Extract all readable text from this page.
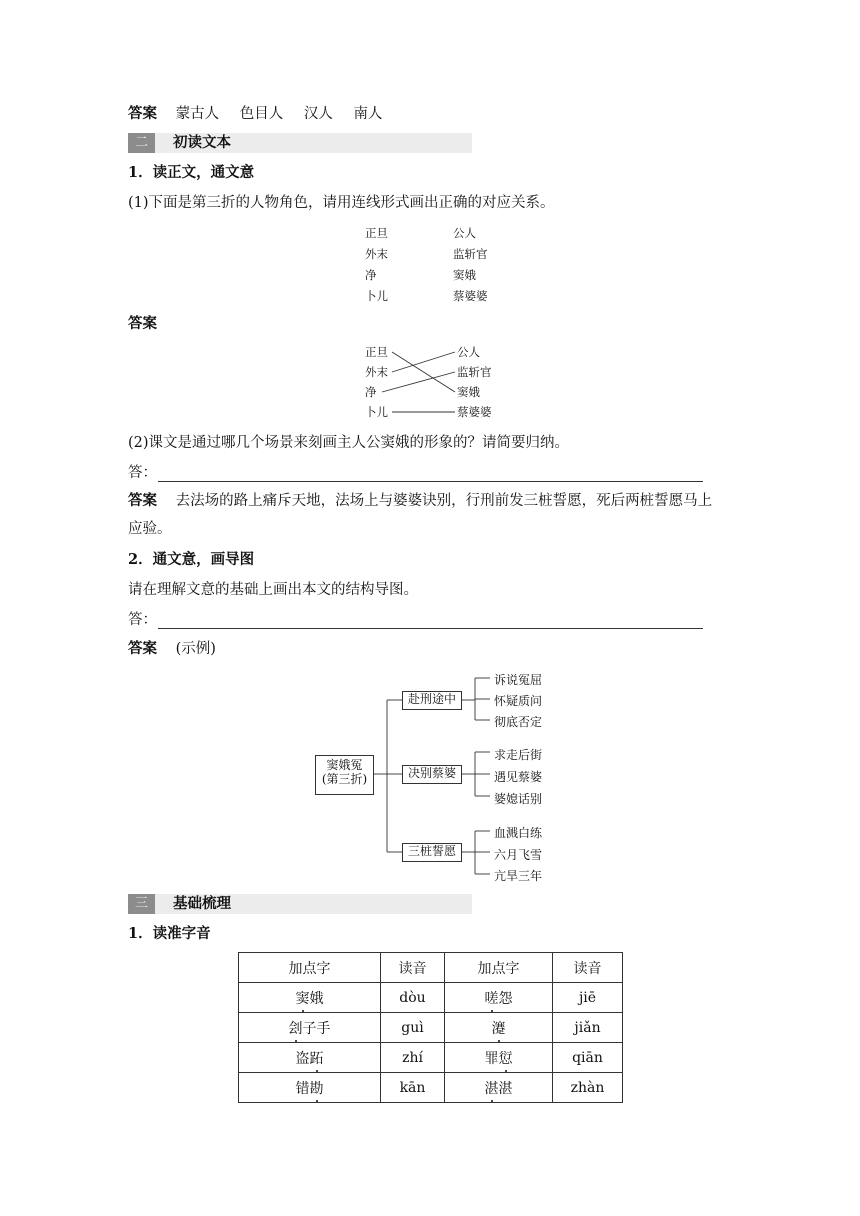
答案 蒙古人 色目人 汉人 南人
二	初读文本
1．读正文，通文意
(1)下面是第三折的人物角色，请用连线形式画出正确的对应关系。
正旦
外末
净
卜儿
公人
监斩官
窦娥
蔡婆婆
答案
正旦
外末
净
卜儿
公人
监斩官
窦娥
蔡婆婆
(2)课文是通过哪几个场景来刻画主人公窦娥的形象的？请简要归纳。
答：
答案 去法场的路上痛斥天地，法场上与婆婆诀别，行刑前发三桩誓愿，死后两桩誓愿马上
应验。
2．通文意，画导图
请在理解文意的基础上画出本文的结构导图。
答：
答案 (示例)
窦娥冤
(第三折)
赴刑途中
决别蔡婆
三桩誓愿
诉说冤屈
怀疑质问
彻底否定
求走后街
遇见蔡婆
婆媳话别
血溅白练
六月飞雪
亢旱三年
三	基础梳理
1．读准字音
加点字	读音	加点字	读音
窦娥	dòu	嗟怨	jiē
刽子手	guì	瀽	jiǎn
盗跖	zhí	罪愆	qiān
错勘	kān	湛湛	zhàn
